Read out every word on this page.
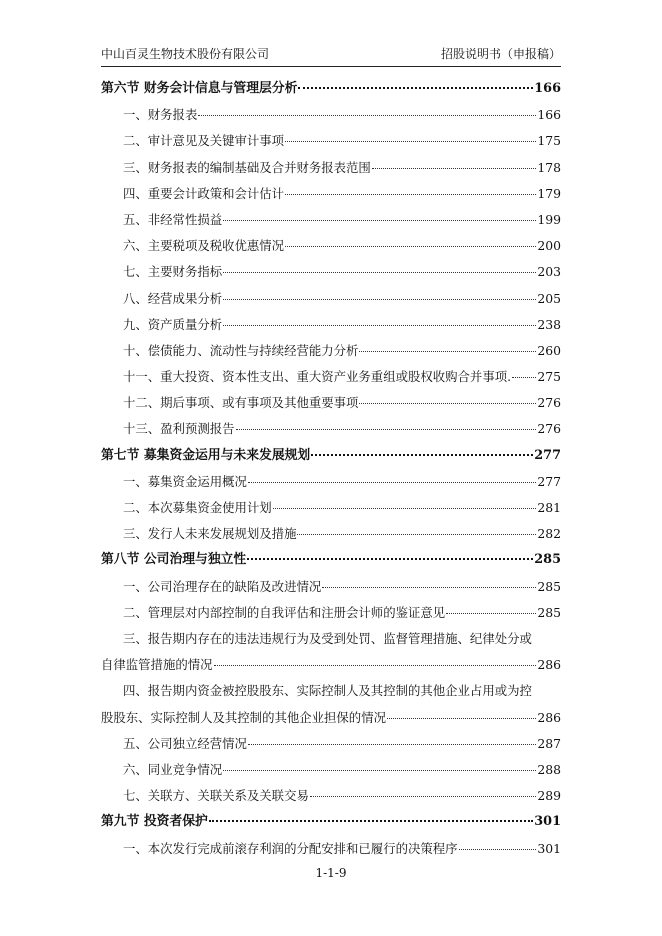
中山百灵生物技术股份有限公司	招股说明书（申报稿）
第六节 财务会计信息与管理层分析	166
一、财务报表	166
二、审计意见及关键审计事项	175
三、财务报表的编制基础及合并财务报表范围	178
四、重要会计政策和会计估计	179
五、非经常性损益	199
六、主要税项及税收优惠情况	200
七、主要财务指标	203
八、经营成果分析	205
九、资产质量分析	238
十、偿债能力、流动性与持续经营能力分析	260
十一、重大投资、资本性支出、重大资产业务重组或股权收购合并事项. 275
十二、期后事项、或有事项及其他重要事项	276
十三、盈利预测报告	276
第七节 募集资金运用与未来发展规划	277
一、募集资金运用概况	277
二、本次募集资金使用计划	281
三、发行人未来发展规划及措施	282
第八节 公司治理与独立性	285
一、公司治理存在的缺陷及改进情况	285
二、管理层对内部控制的自我评估和注册会计师的鉴证意见	285
三、报告期内存在的违法违规行为及受到处罚、监督管理措施、纪律处分或
自律监管措施的情况	286
四、报告期内资金被控股股东、实际控制人及其控制的其他企业占用或为控
股股东、实际控制人及其控制的其他企业担保的情况	286
五、公司独立经营情况	287
六、同业竞争情况	288
七、关联方、关联关系及关联交易	289
第九节 投资者保护	301
一、本次发行完成前滚存利润的分配安排和已履行的决策程序	301
1-1-9
